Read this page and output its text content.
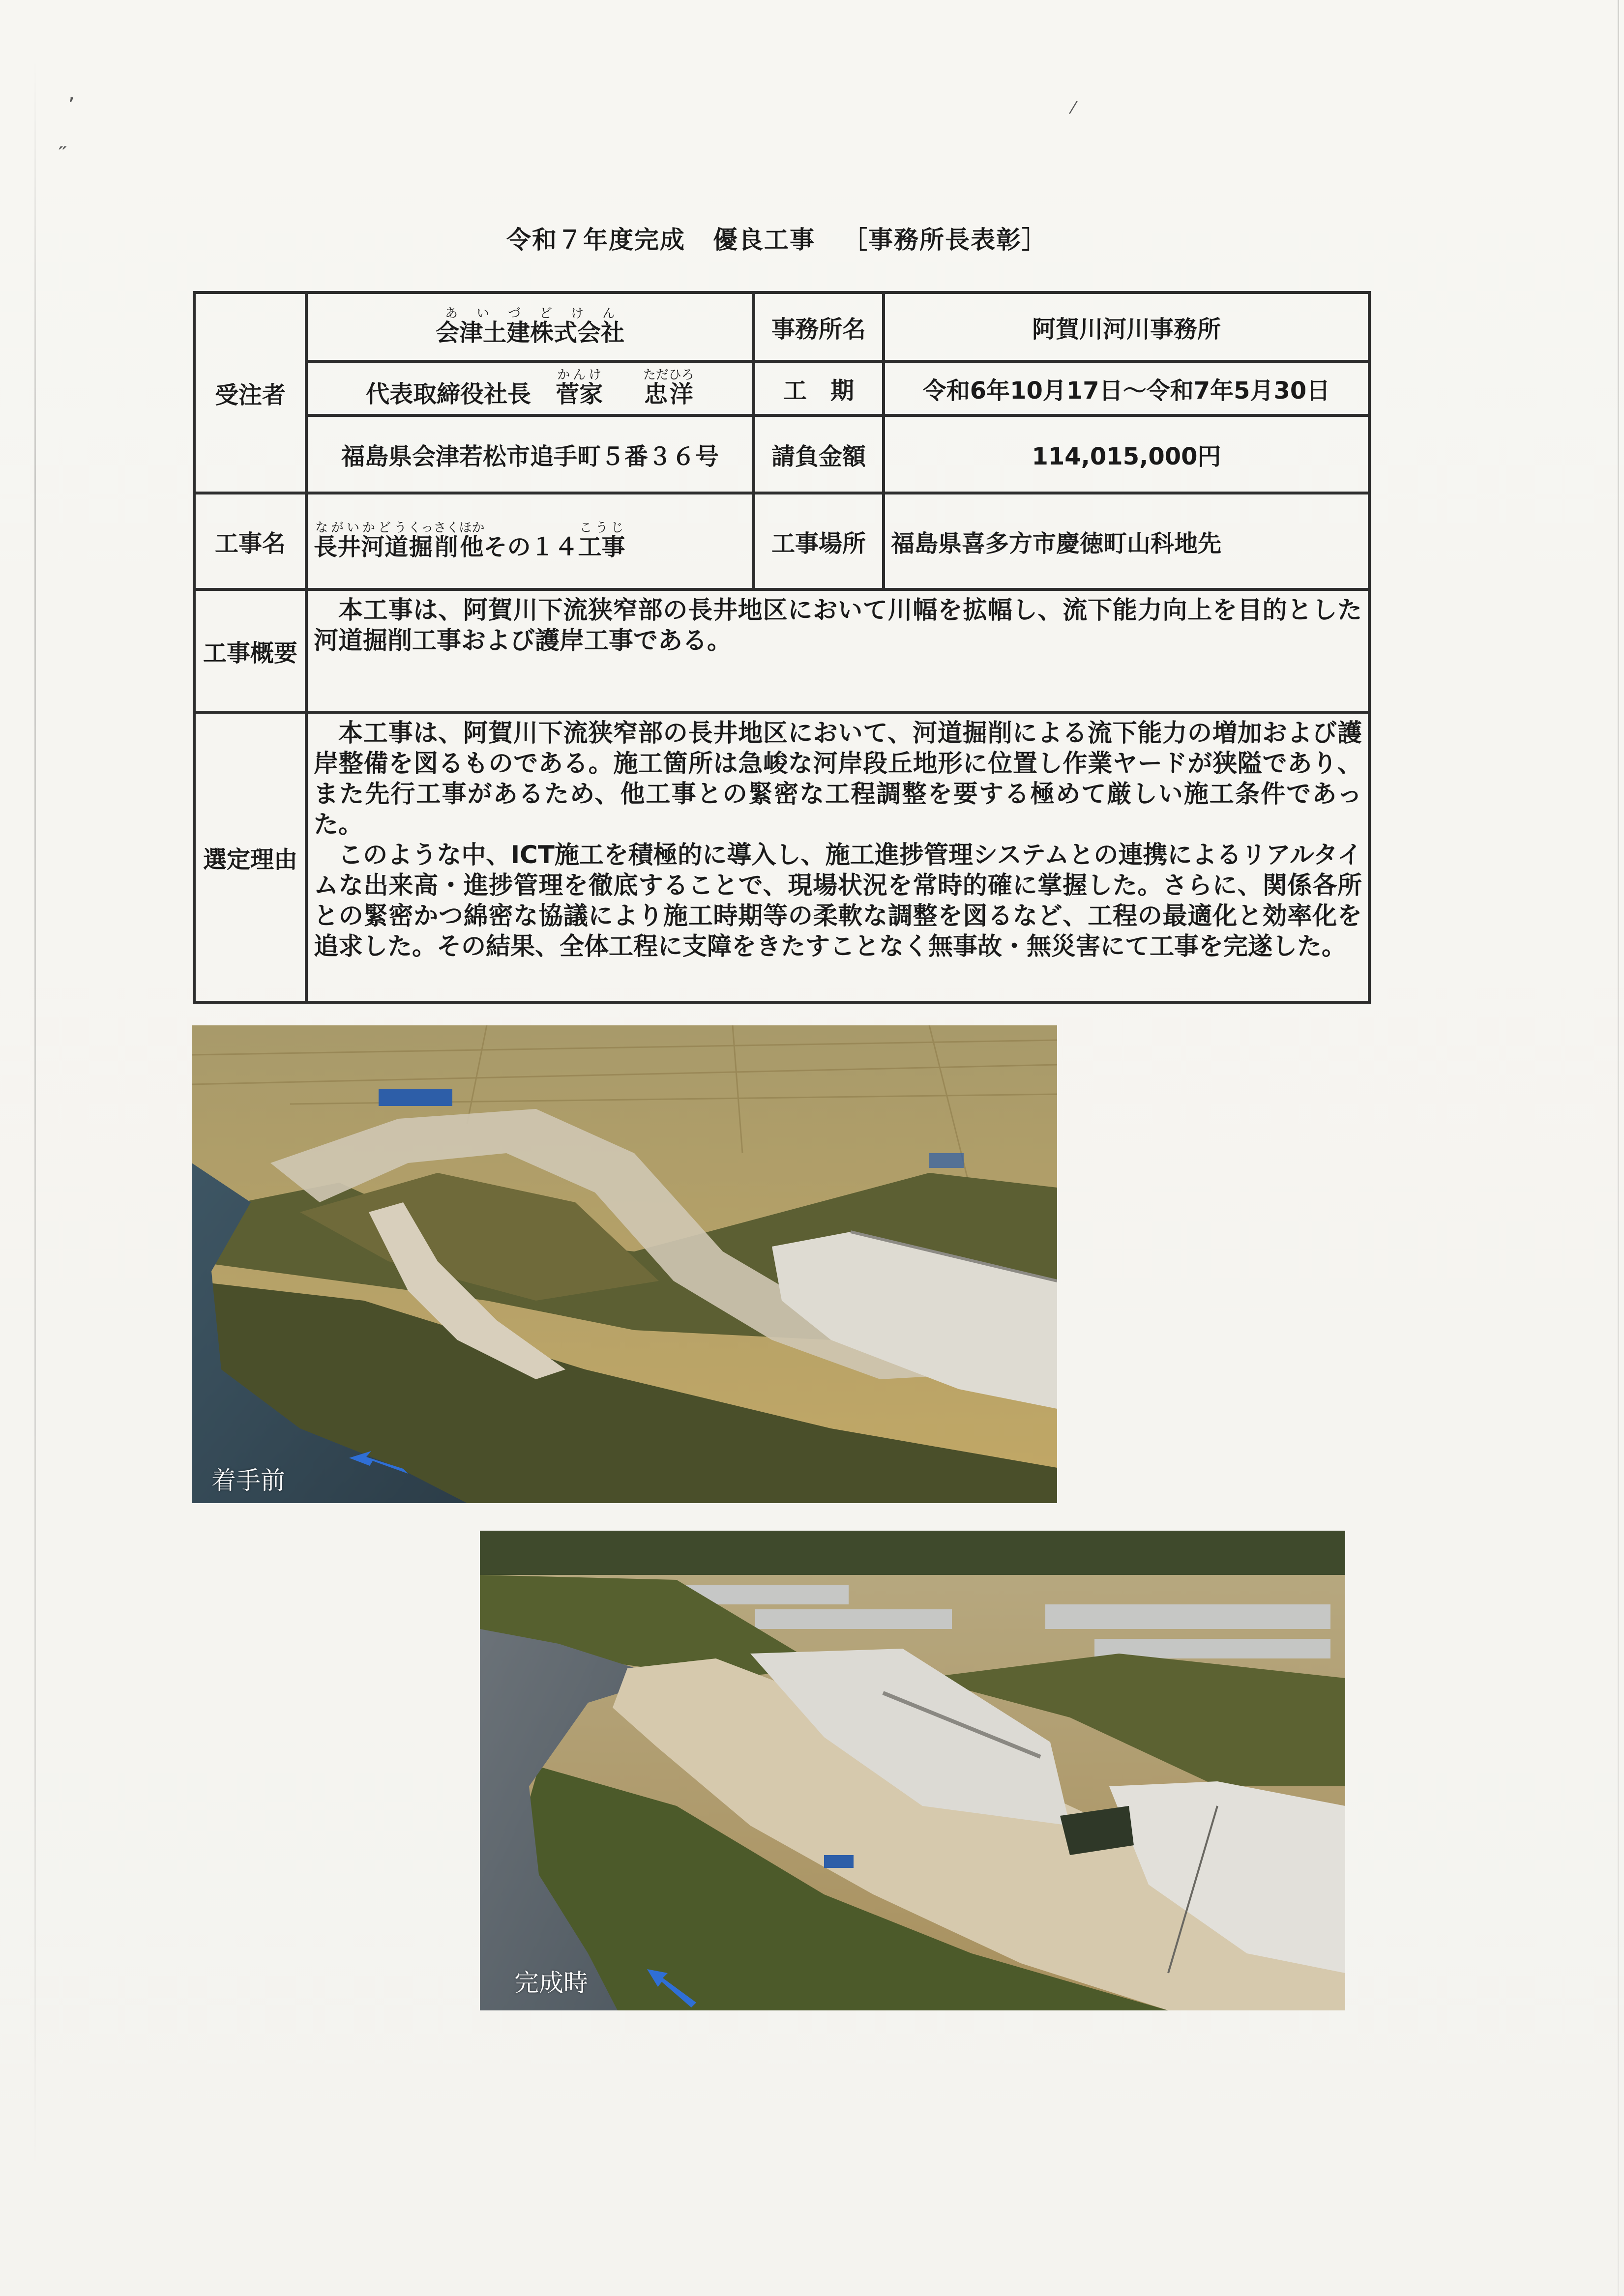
ʼ
˶
⁄
令和７年度完成 優良工事 ［事務所長表彰］
受注者	会津土建株式会社あいづどけん	事務所名	阿賀川河川事務所
	代表取締役社長 菅家かんけ     忠洋ただひろ	工　期	令和6年10月17日～令和7年5月30日
	福島県会津若松市追手町５番３６号	請負金額	114,015,000円
工事名	長井ながい河道かどう掘削くっさく他ほかその１４工事こうじ	工事場所	福島県喜多方市慶徳町山科地先
工事概要	本工事は、阿賀川下流狭窄部の長井地区において川幅を拡幅し、流下能力向上を目的とした河道掘削工事および護岸工事である。		

選定理由	本工事は、阿賀川下流狭窄部の長井地区において、河道掘削による流下能力の増加および護岸整備を図るものである。施工箇所は急峻な河岸段丘地形に位置し作業ヤードが狭隘であり、また先行工事があるため、他工事との緊密な工程調整を要する極めて厳しい施工条件であった。

このような中、ICT施工を積極的に導入し、施工進捗管理システムとの連携によるリアルタイムな出来高・進捗管理を徹底することで、現場状況を常時的確に掌握した。さらに、関係各所との緊密かつ綿密な協議により施工時期等の柔軟な調整を図るなど、工程の最適化と効率化を追求した。その結果、全体工程に支障をきたすことなく無事故・無災害にて工事を完遂した。		

着手前
完成時
